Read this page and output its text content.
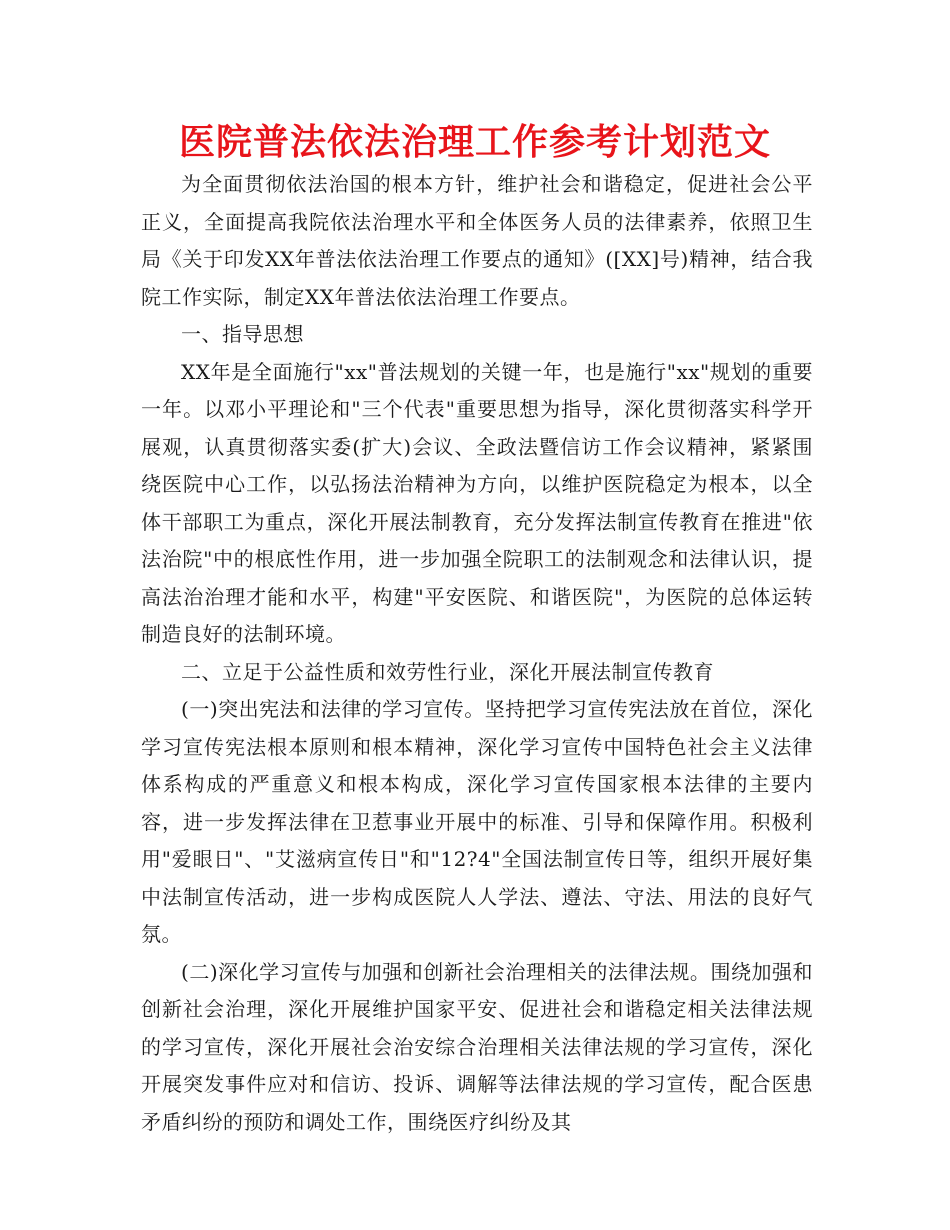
医院普法依法治理工作参考计划范文

为全面贯彻依法治国的根本方针，维护社会和谐稳定，促进社会公平正义，全面提高我院依法治理水平和全体医务人员的法律素养，依照卫生局《关于印发XX年普法依法治理工作要点的通知》([XX]号)精神，结合我院工作实际，制定XX年普法依法治理工作要点。

一、指导思想

XX年是全面施行"xx"普法规划的关键一年，也是施行"xx"规划的重要一年。以邓小平理论和"三个代表"重要思想为指导，深化贯彻落实科学开展观，认真贯彻落实委(扩大)会议、全政法暨信访工作会议精神，紧紧围绕医院中心工作，以弘扬法治精神为方向，以维护医院稳定为根本，以全体干部职工为重点，深化开展法制教育，充分发挥法制宣传教育在推进"依法治院"中的根底性作用，进一步加强全院职工的法制观念和法律认识，提高法治治理才能和水平，构建"平安医院、和谐医院"，为医院的总体运转制造良好的法制环境。

二、立足于公益性质和效劳性行业，深化开展法制宣传教育

(一)突出宪法和法律的学习宣传。坚持把学习宣传宪法放在首位，深化学习宣传宪法根本原则和根本精神，深化学习宣传中国特色社会主义法律体系构成的严重意义和根本构成，深化学习宣传国家根本法律的主要内容，进一步发挥法律在卫惹事业开展中的标准、引导和保障作用。积极利用"爱眼日"、"艾滋病宣传日"和"12?4"全国法制宣传日等，组织开展好集中法制宣传活动，进一步构成医院人人学法、遵法、守法、用法的良好气氛。

(二)深化学习宣传与加强和创新社会治理相关的法律法规。围绕加强和创新社会治理，深化开展维护国家平安、促进社会和谐稳定相关法律法规的学习宣传，深化开展社会治安综合治理相关法律法规的学习宣传，深化开展突发事件应对和信访、投诉、调解等法律法规的学习宣传，配合医患矛盾纠纷的预防和调处工作，围绕医疗纠纷及其
